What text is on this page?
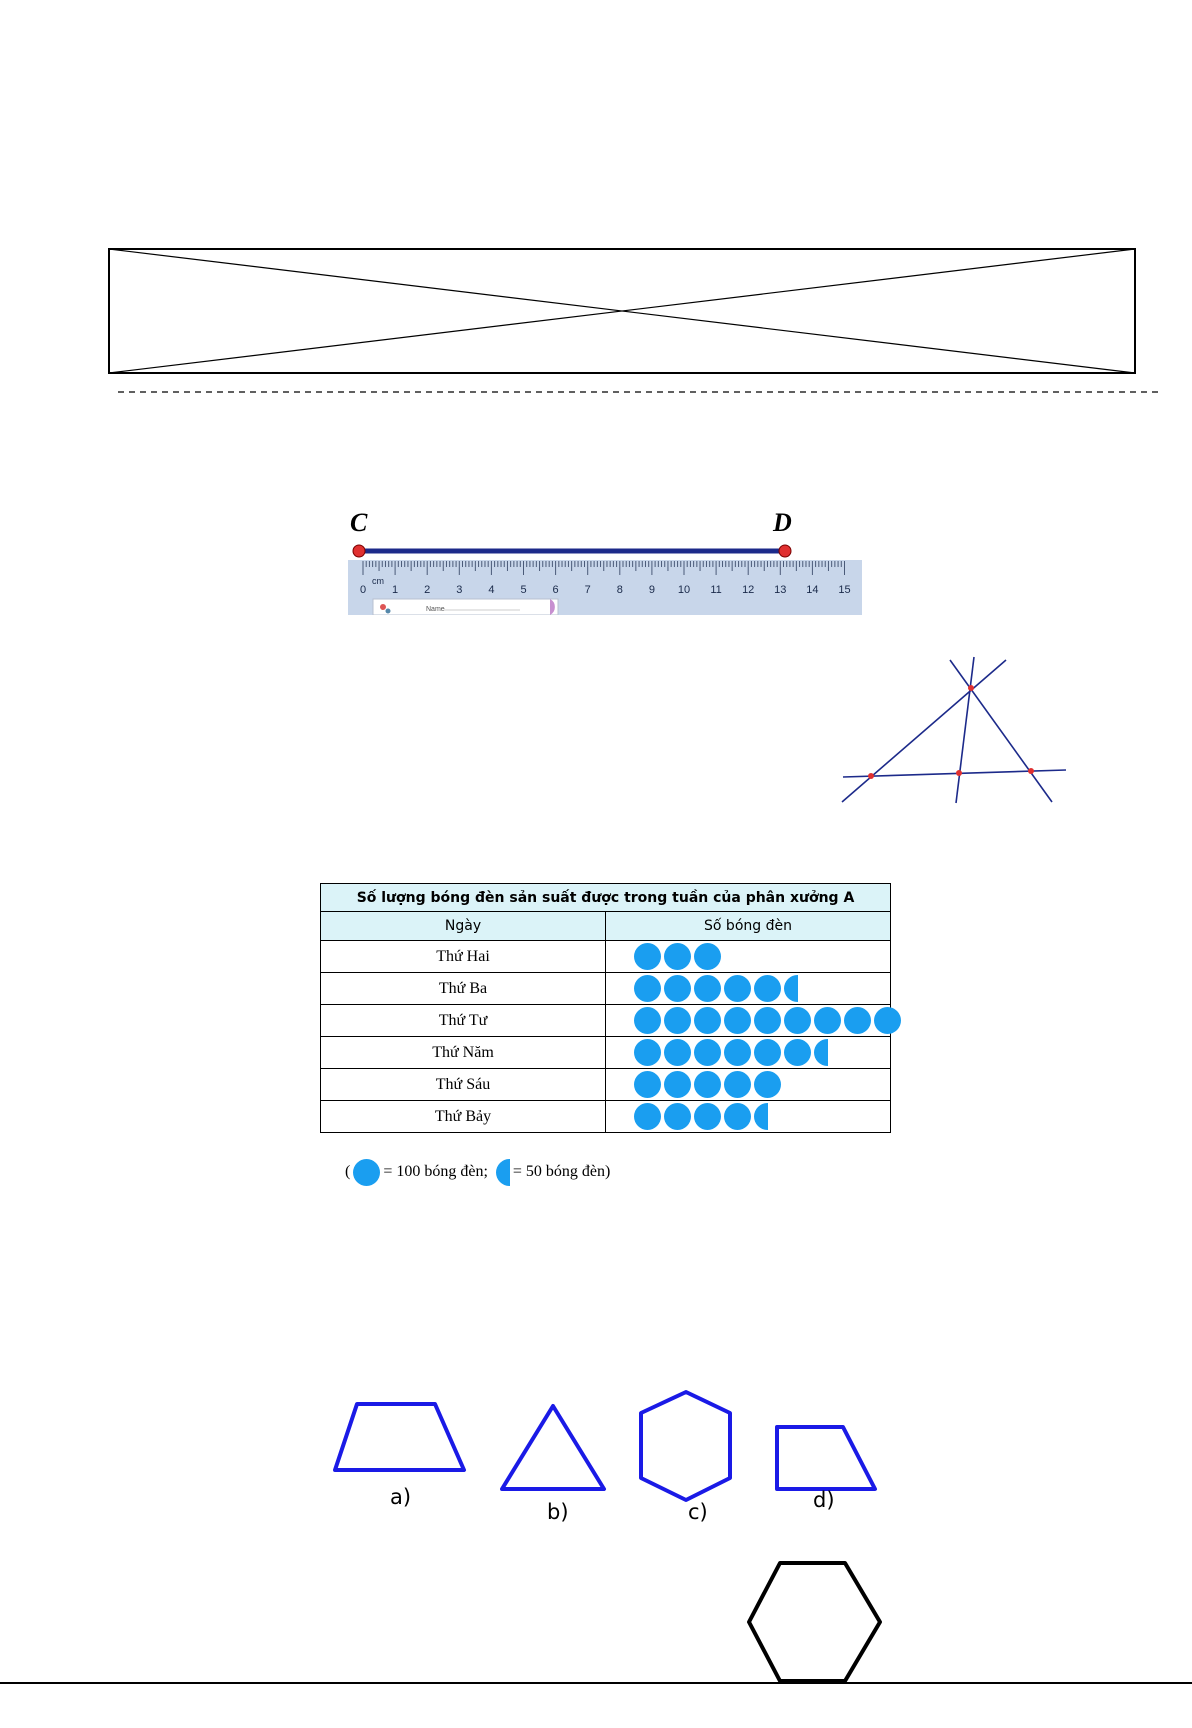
C	D
0 1 2 3 4 5 6 7 8 9 10 11 12 13 14 15
cm
Name
Số lượng bóng đèn sản suất được trong tuần của phân xưởng A	
Ngày	Số bóng đèn
Thứ Hai	

Thứ Ba	

Thứ Tư	

Thứ Năm	

Thứ Sáu	

Thứ Bảy	
( = 100 bóng đèn; = 50 bóng đèn)
a)
b)	c)	d)
